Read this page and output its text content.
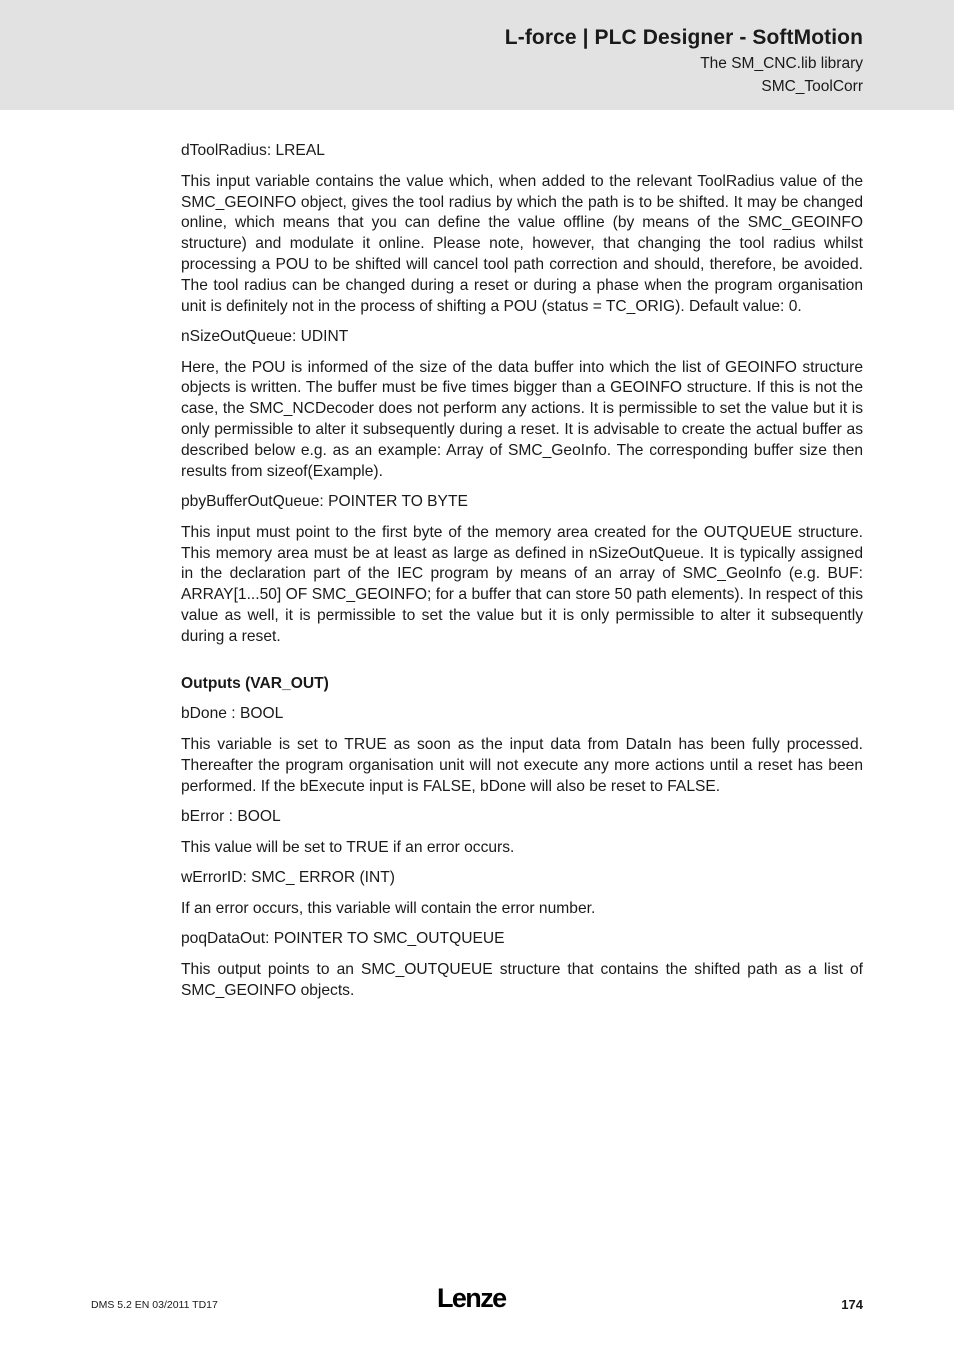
L-force | PLC Designer - SoftMotion
The SM_CNC.lib library
SMC_ToolCorr

dToolRadius: LREAL

This input variable contains the value which, when added to the relevant ToolRadius value of the SMC_GEOINFO object, gives the tool radius by which the path is to be shifted. It may be changed online, which means that you can define the value offline (by means of the SMC_GEOINFO structure) and modulate it online. Please note, however, that changing the tool radius whilst processing a POU to be shifted will cancel tool path correction and should, therefore, be avoided. The tool radius can be changed during a reset or during a phase when the program organisation unit is definitely not in the process of shifting a POU (status = TC_ORIG). Default value: 0.

nSizeOutQueue: UDINT

Here, the POU is informed of the size of the data buffer into which the list of GEOINFO structure objects is written. The buffer must be five times bigger than a GEOINFO structure. If this is not the case, the SMC_NCDecoder does not perform any actions. It is permissible to set the value but it is only permissible to alter it subsequently during a reset. It is advisable to create the actual buffer as described below e.g. as an example: Array of SMC_GeoInfo. The corresponding buffer size then results from sizeof(Example).

pbyBufferOutQueue: POINTER TO BYTE

This input must point to the first byte of the memory area created for the OUTQUEUE structure. This memory area must be at least as large as defined in nSizeOutQueue. It is typically assigned in the declaration part of the IEC program by means of an array of SMC_GeoInfo (e.g. BUF: ARRAY[1...50] OF SMC_GEOINFO; for a buffer that can store 50 path elements). In respect of this value as well, it is permissible to set the value but it is only permissible to alter it subsequently during a reset.

Outputs (VAR_OUT)

bDone : BOOL

This variable is set to TRUE as soon as the input data from DataIn has been fully processed. Thereafter the program organisation unit will not execute any more actions until a reset has been performed. If the bExecute input is FALSE, bDone will also be reset to FALSE.

bError : BOOL

This value will be set to TRUE if an error occurs.

wErrorID: SMC_ ERROR (INT)

If an error occurs, this variable will contain the error number.

poqDataOut: POINTER TO SMC_OUTQUEUE

This output points to an SMC_OUTQUEUE structure that contains the shifted path as a list of SMC_GEOINFO objects.

DMS 5.2 EN 03/2011 TD17	Lenze	174
